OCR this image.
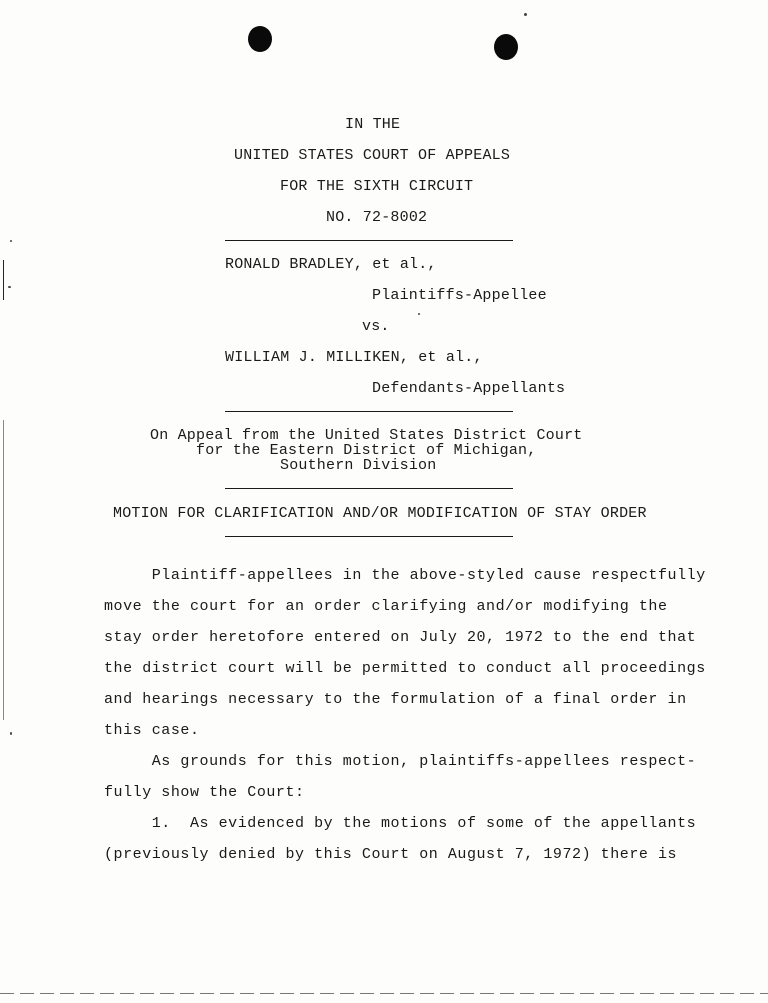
IN THE
UNITED STATES COURT OF APPEALS
FOR THE SIXTH CIRCUIT
NO. 72-8002
RONALD BRADLEY, et al.,
Plaintiffs-Appellee
vs.
WILLIAM J. MILLIKEN, et al.,
Defendants-Appellants
On Appeal from the United States District Court
for the Eastern District of Michigan,
Southern Division
MOTION FOR CLARIFICATION AND/OR MODIFICATION OF STAY ORDER
Plaintiff-appellees in the above-styled cause respectfully
move the court for an order clarifying and/or modifying the
stay order heretofore entered on July 20, 1972 to the end that
the district court will be permitted to conduct all proceedings
and hearings necessary to the formulation of a final order in
this case.
As grounds for this motion, plaintiffs-appellees respect-
fully show the Court:
1.  As evidenced by the motions of some of the appellants
(previously denied by this Court on August 7, 1972) there is
